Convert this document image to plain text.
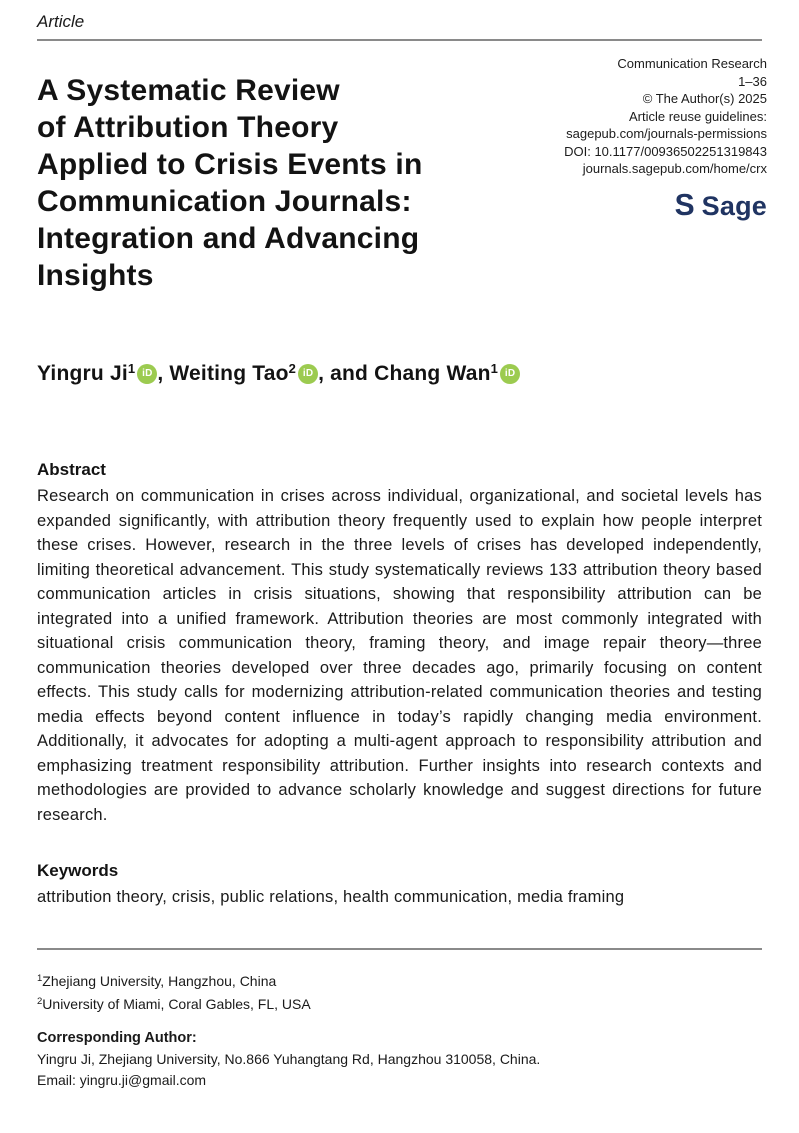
Article
A Systematic Review
of Attribution Theory
Applied to Crisis Events in
Communication Journals:
Integration and Advancing
Insights
Communication Research
1–36
© The Author(s) 2025
Article reuse guidelines:
sagepub.com/journals-permissions
DOI: 10.1177/00936502251319843
journals.sagepub.com/home/crx
S Sage
Yingru Ji$^1$ iD , Weiting Tao$^2$ iD , and Chang Wan$^1$ iD
Abstract

Research on communication in crises across individual, organizational, and societal levels has expanded significantly, with attribution theory frequently used to explain how people interpret these crises. However, research in the three levels of crises has developed independently, limiting theoretical advancement. This study systematically reviews 133 attribution theory based communication articles in crisis situations, showing that responsibility attribution can be integrated into a unified framework. Attribution theories are most commonly integrated with situational crisis communication theory, framing theory, and image repair theory—three communication theories developed over three decades ago, primarily focusing on content effects. This study calls for modernizing attribution-related communication theories and testing media effects beyond content influence in today’s rapidly changing media environment. Additionally, it advocates for adopting a multi-agent approach to responsibility attribution and emphasizing treatment responsibility attribution. Further insights into research contexts and methodologies are provided to advance scholarly knowledge and suggest directions for future research.

Keywords

attribution theory, crisis, public relations, health communication, media framing

$^1$Zhejiang University, Hangzhou, China
$^2$University of Miami, Coral Gables, FL, USA
Corresponding Author:
Yingru Ji, Zhejiang University, No.866 Yuhangtang Rd, Hangzhou 310058, China.
Email: yingru.ji@gmail.com
